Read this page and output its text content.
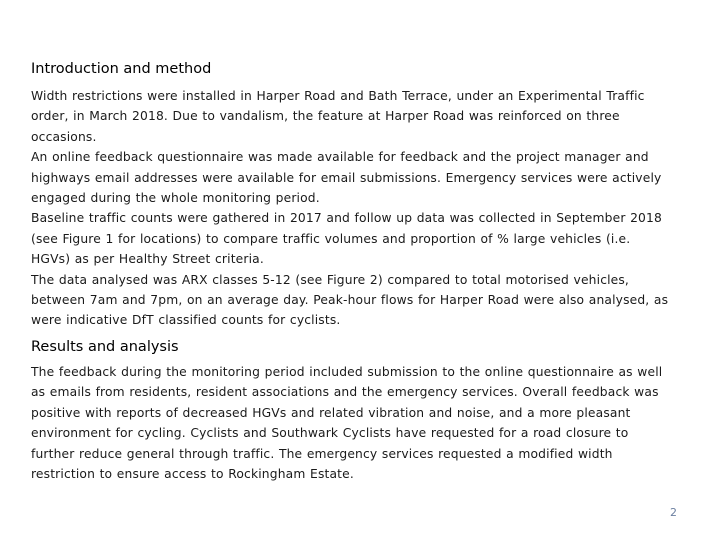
Introduction and method

Width restrictions were installed in Harper Road and Bath Terrace, under an Experimental Traffic order, in March 2018. Due to vandalism, the feature at Harper Road was reinforced on three occasions.

An online feedback questionnaire was made available for feedback and the project manager and highways email addresses were available for email submissions. Emergency services were actively engaged during the whole monitoring period.

Baseline traffic counts were gathered in 2017 and follow up data was collected in September 2018 (see Figure 1 for locations) to compare traffic volumes and proportion of % large vehicles (i.e. HGVs) as per Healthy Street criteria.

The data analysed was ARX classes 5-12 (see Figure 2) compared to total motorised vehicles, between 7am and 7pm, on an average day. Peak-hour flows for Harper Road were also analysed, as were indicative DfT classified counts for cyclists.

Results and analysis

The feedback during the monitoring period included submission to the online questionnaire as well as emails from residents, resident associations and the emergency services. Overall feedback was positive with reports of decreased HGVs and related vibration and noise, and a more pleasant environment for cycling. Cyclists and Southwark Cyclists have requested for a road closure to further reduce general through traffic. The emergency services requested a modified width restriction to ensure access to Rockingham Estate.

2
